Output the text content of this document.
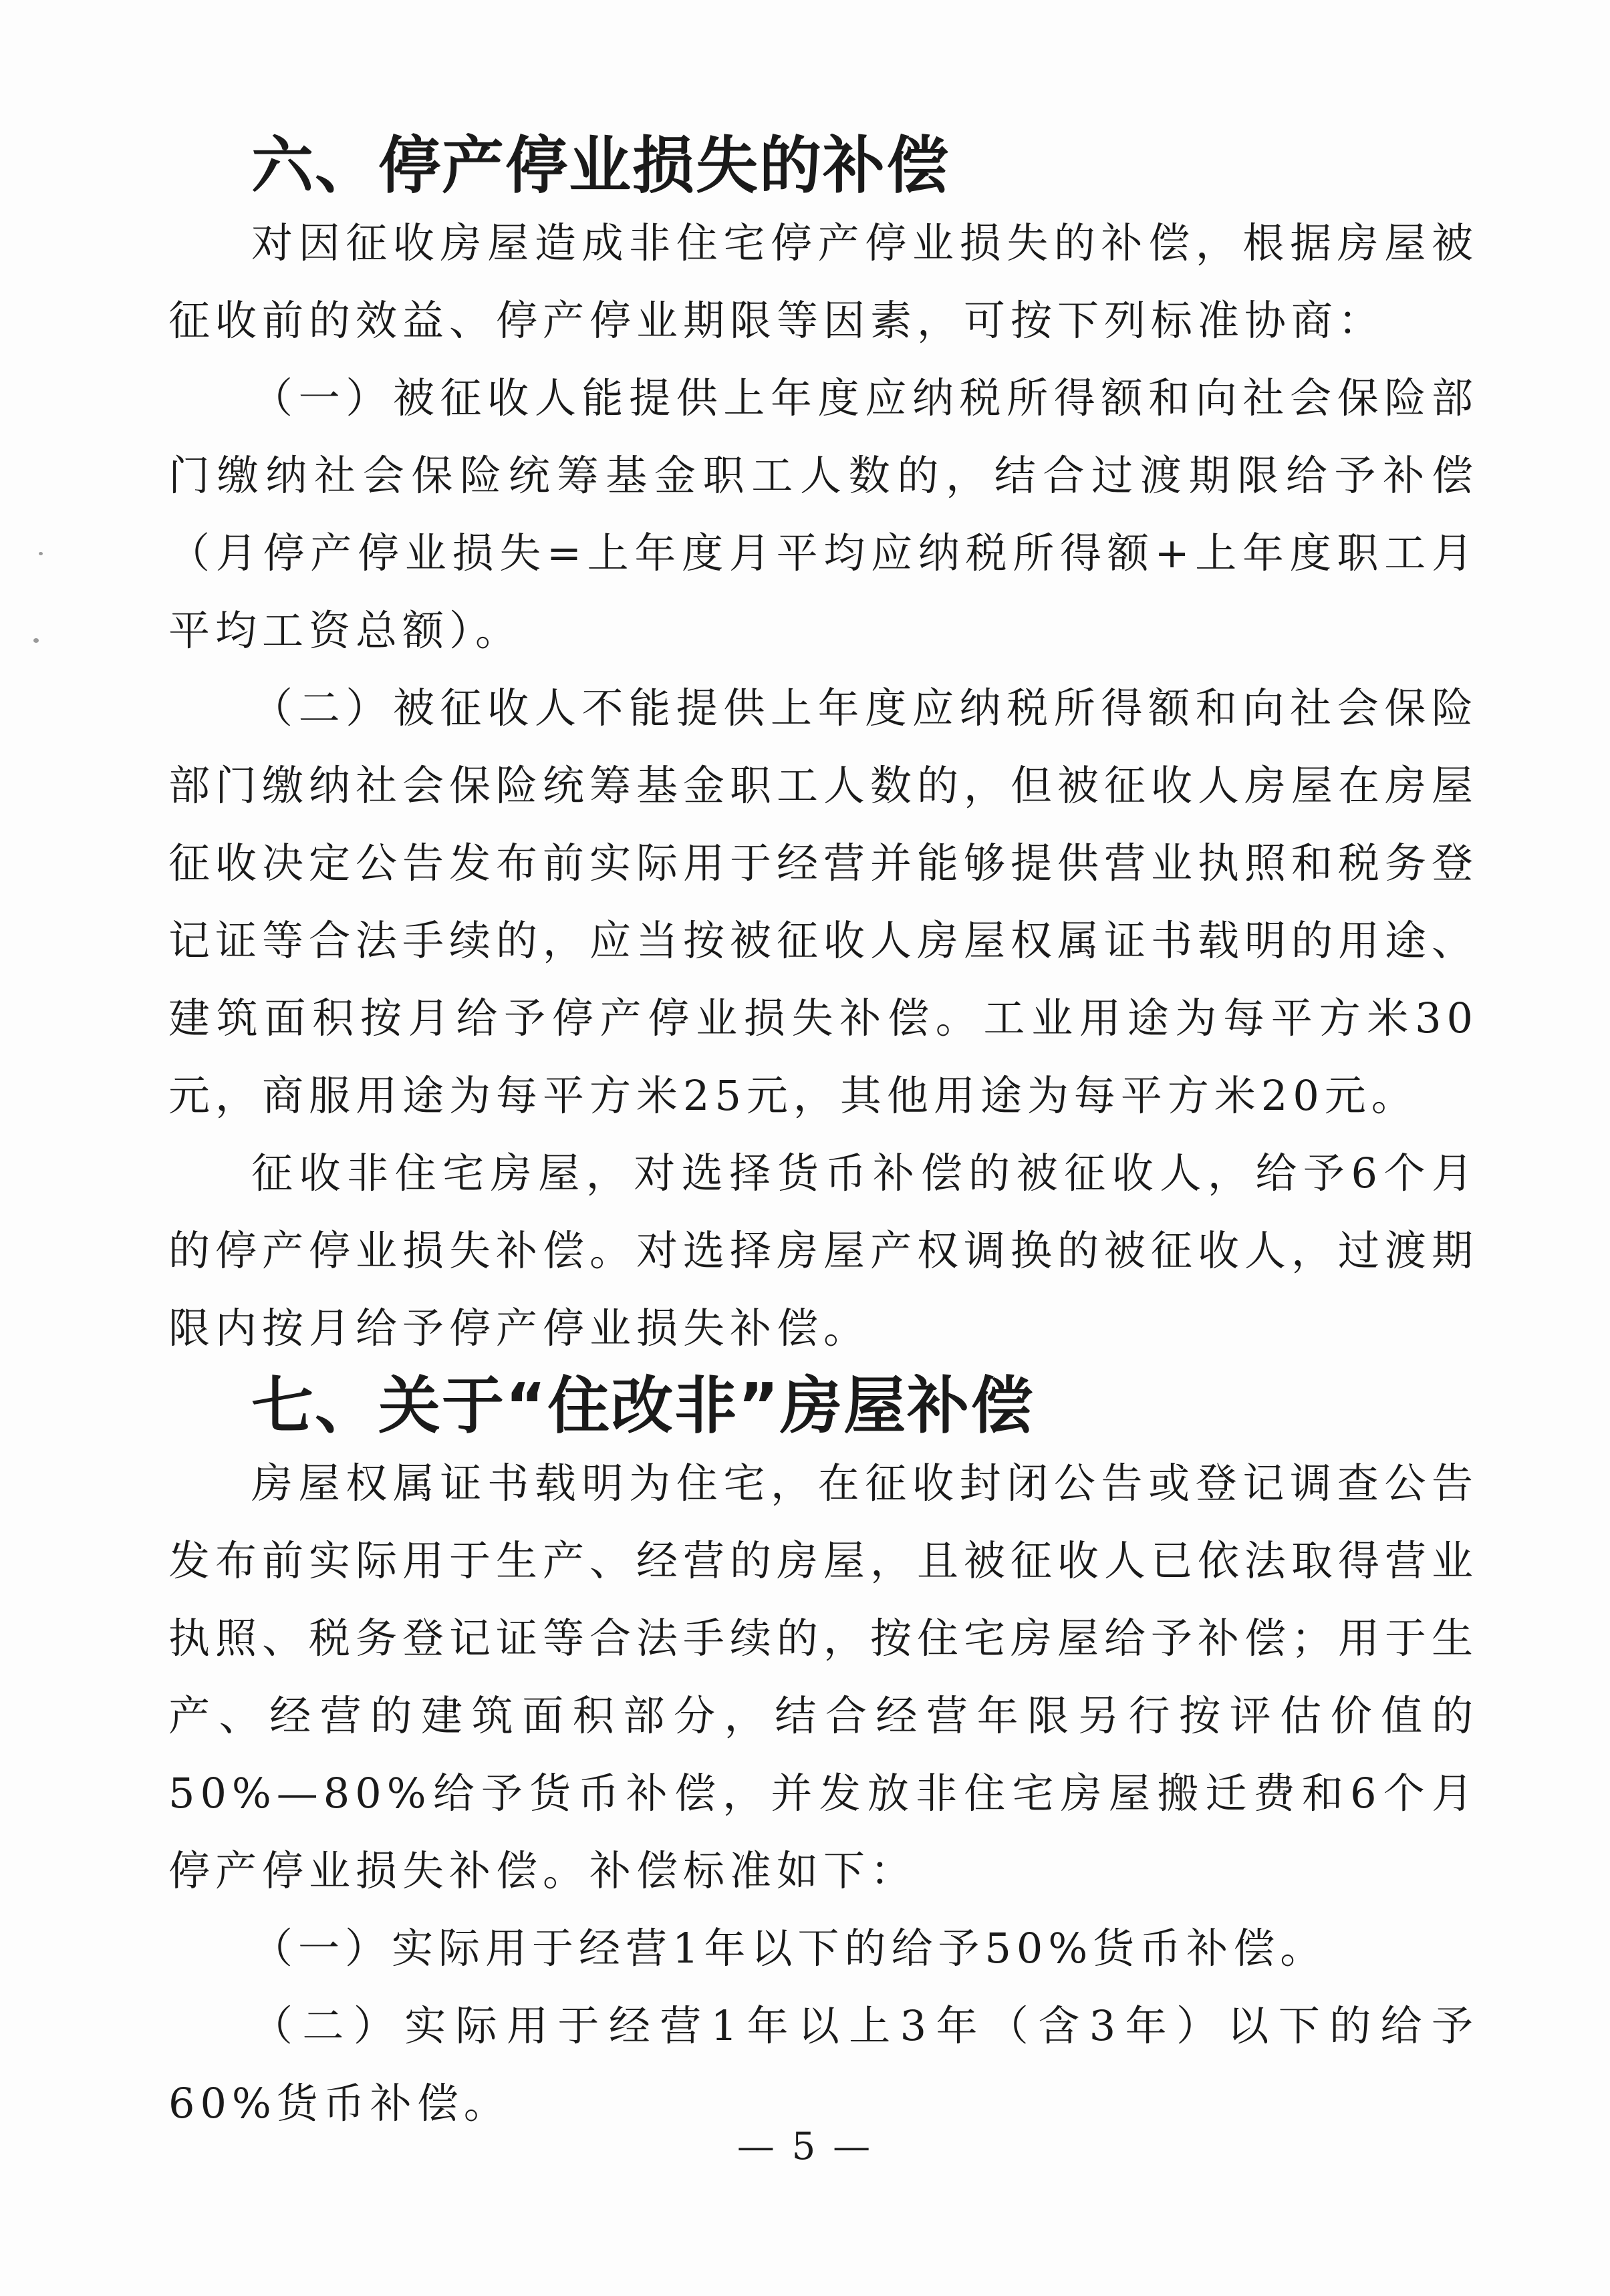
六、停产停业损失的补偿

对因征收房屋造成非住宅停产停业损失的补偿，根据房屋被征收前的效益、停产停业期限等因素，可按下列标准协商：

（一）被征收人能提供上年度应纳税所得额和向社会保险部门缴纳社会保险统筹基金职工人数的，结合过渡期限给予补偿（月停产停业损失=上年度月平均应纳税所得额+上年度职工月平均工资总额）。

（二）被征收人不能提供上年度应纳税所得额和向社会保险部门缴纳社会保险统筹基金职工人数的，但被征收人房屋在房屋征收决定公告发布前实际用于经营并能够提供营业执照和税务登记证等合法手续的，应当按被征收人房屋权属证书载明的用途、建筑面积按月给予停产停业损失补偿。工业用途为每平方米30元，商服用途为每平方米25元，其他用途为每平方米20元。

征收非住宅房屋，对选择货币补偿的被征收人，给予6个月的停产停业损失补偿。对选择房屋产权调换的被征收人，过渡期限内按月给予停产停业损失补偿。

七、关于“住改非”房屋补偿

房屋权属证书载明为住宅，在征收封闭公告或登记调查公告发布前实际用于生产、经营的房屋，且被征收人已依法取得营业执照、税务登记证等合法手续的，按住宅房屋给予补偿；用于生产、经营的建筑面积部分，结合经营年限另行按评估价值的50%—80%给予货币补偿，并发放非住宅房屋搬迁费和6个月停产停业损失补偿。补偿标准如下：

（一）实际用于经营1年以下的给予50%货币补偿。

（二）实际用于经营1年以上3年（含3年）以下的给予60%货币补偿。

— 5 —
